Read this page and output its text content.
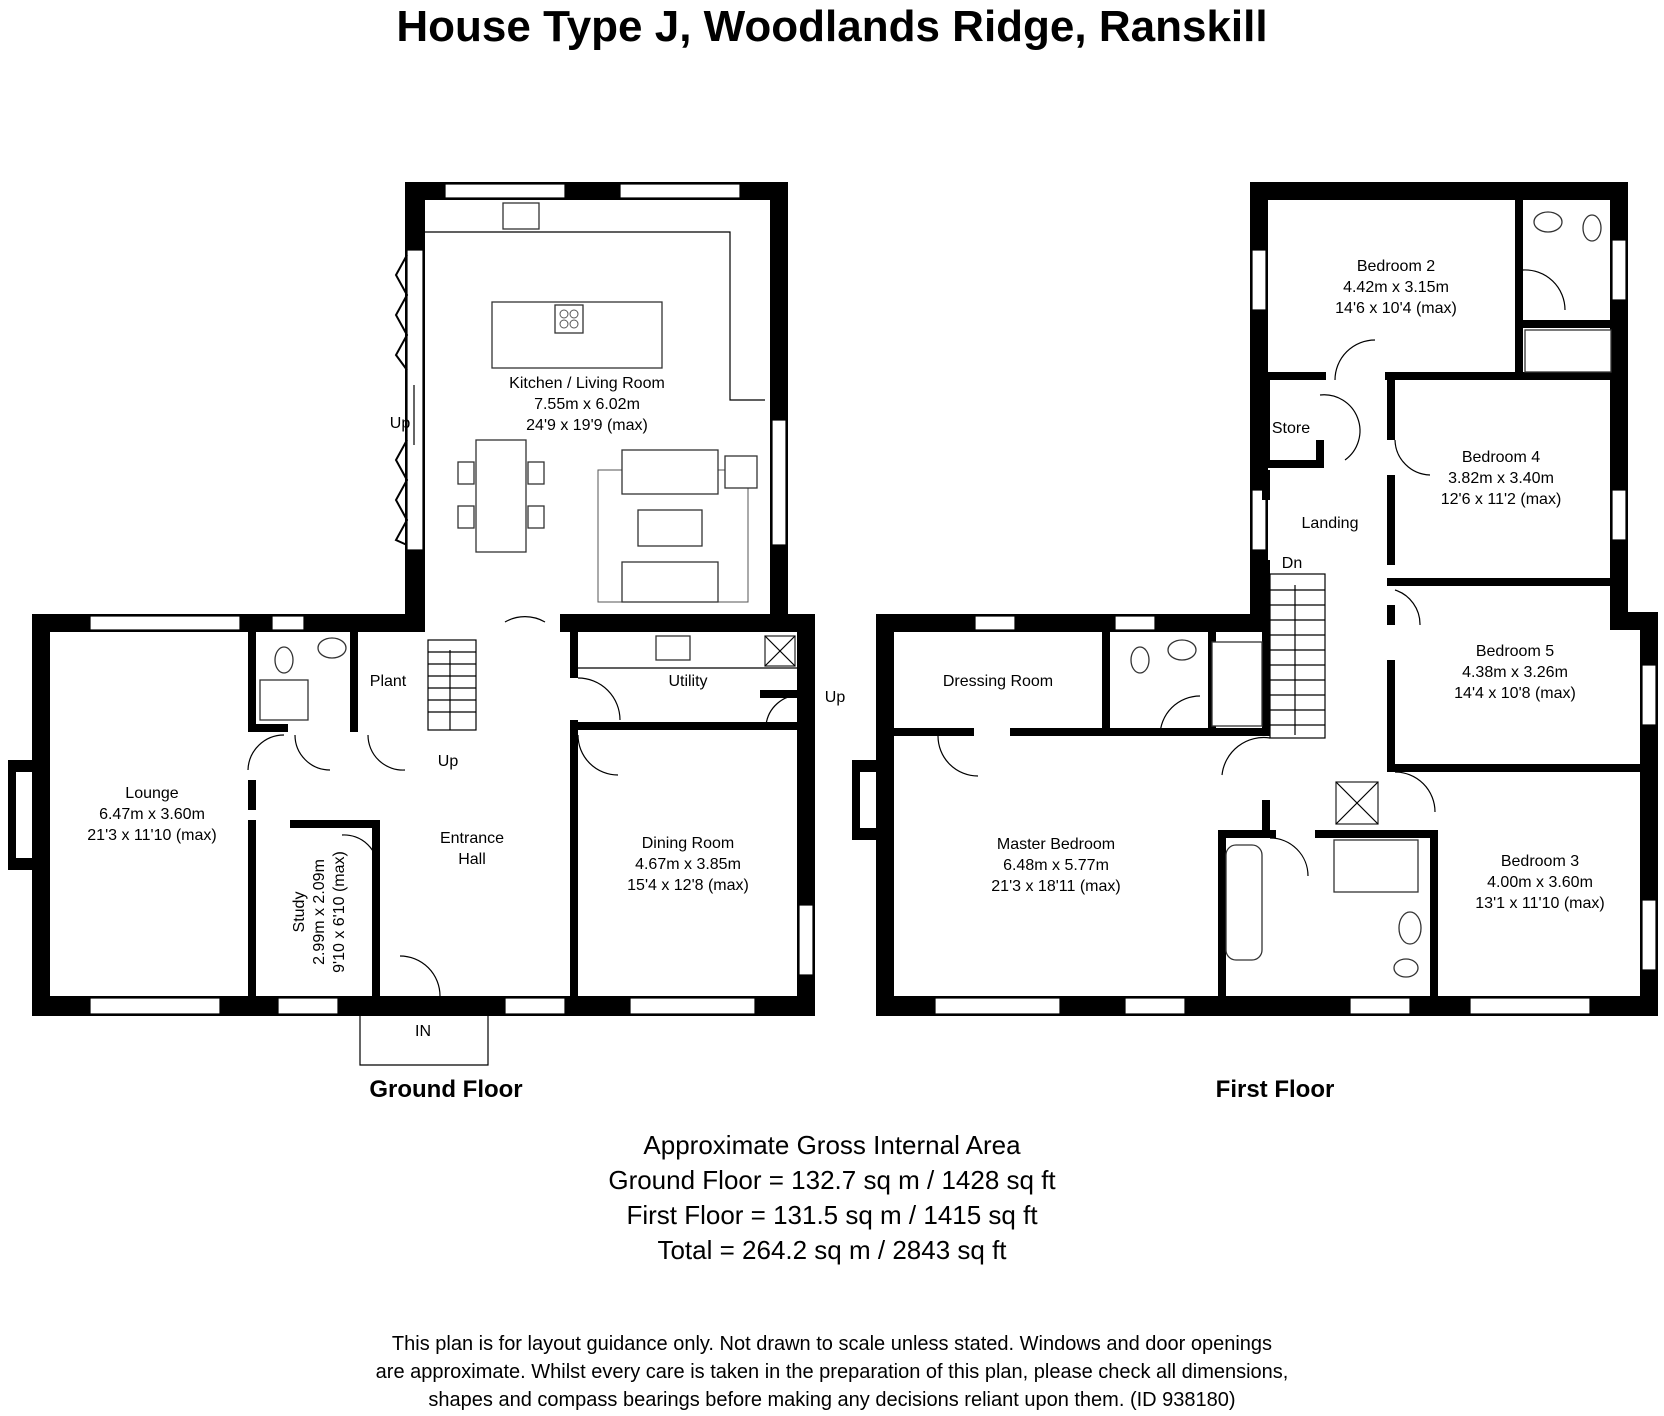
House Type J, Woodlands Ridge, Ranskill
Kitchen / Living Room
7.55m x 6.02m
24'9 x 19'9 (max)
Lounge
6.47m x 3.60m
21'3 x 11'10 (max)	Dining Room
4.67m x 3.85m
15'4 x 12'8 (max)
Study 2.99m x 2.09m 9'10 x 6'10 (max)
Entrance
Hall
Plant	Utility
Up
Up
Up
IN
Ground Floor
Bedroom 2
4.42m x 3.15m
14'6 x 10'4 (max)
Bedroom 4
3.82m x 3.40m
12'6 x 11'2 (max)
Bedroom 5
4.38m x 3.26m
14'4 x 10'8 (max)
Bedroom 3
4.00m x 3.60m
13'1 x 11'10 (max)
Master Bedroom
6.48m x 5.77m
21'3 x 18'11 (max)
Dressing Room
Store
Landing
Dn
First Floor
Approximate Gross Internal Area
Ground Floor = 132.7 sq m / 1428 sq ft
First Floor = 131.5 sq m / 1415 sq ft
Total = 264.2 sq m / 2843 sq ft
This plan is for layout guidance only. Not drawn to scale unless stated. Windows and door openings
are approximate. Whilst every care is taken in the preparation of this plan, please check all dimensions,
shapes and compass bearings before making any decisions reliant upon them. (ID 938180)
